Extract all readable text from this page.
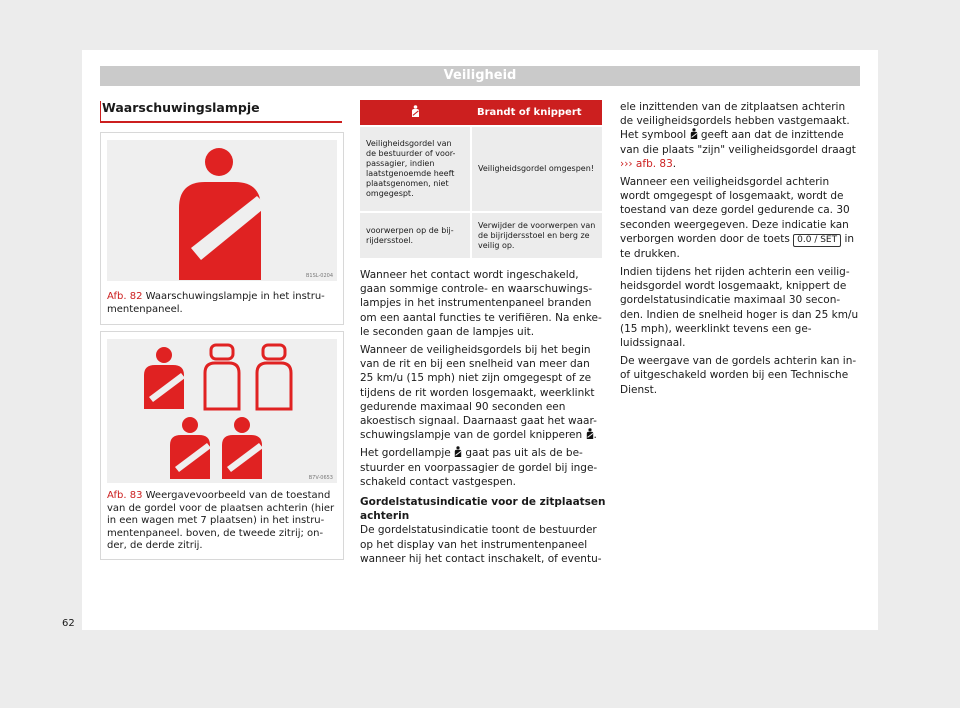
Veiligheid
Waarschuwingslampje
B1SL-0204
Afb. 82 Waarschuwingslampje in het instru- mentenpaneel.
B7V-0653
Afb. 83 Weergavevoorbeeld van de toestand van de gordel voor de plaatsen achterin (hier in een wagen met 7 plaatsen) in het instru- mentenpaneel. boven, de tweede zitrij; on- der, de derde zitrij.
	Brandt of knippert
Veiligheidsgordel van de bestuurder of voor- passagier, indien laatstgenoemde heeft plaatsgenomen, niet omgegespt.	Veiligheidsgordel omgespen!
voorwerpen op de bij- rijdersstoel.	Verwijder de voorwerpen van de bijrijdersstoel en berg ze veilig op.

Wanneer het contact wordt ingeschakeld, gaan sommige controle- en waarschuwings- lampjes in het instrumentenpaneel branden om een aantal functies te verifiëren. Na enke- le seconden gaan de lampjes uit.

Wanneer de veiligheidsgordels bij het begin van de rit en bij een snelheid van meer dan 25 km/u (15 mph) niet zijn omgegespt of ze tijdens de rit worden losgemaakt, weerklinkt gedurende maximaal 90 seconden een akoestisch signaal. Daarnaast gaat het waar- schuwingslampje van de gordel knipperen .

Het gordellampje gaat pas uit als de be- stuurder en voorpassagier de gordel bij inge- schakeld contact vastgespen.

Gordelstatusindicatie voor de zitplaatsen achterin

De gordelstatusindicatie toont de bestuurder op het display van het instrumentenpaneel wanneer hij het contact inschakelt, of eventu-

ele inzittenden van de zitplaatsen achterin de veiligheidsgordels hebben vastgemaakt. Het symbool geeft aan dat de inzittende van die plaats "zijn" veiligheidsgordel draagt ››› afb. 83.

Wanneer een veiligheidsgordel achterin wordt omgegespt of losgemaakt, wordt de toestand van deze gordel gedurende ca. 30 seconden weergegeven. Deze indicatie kan verborgen worden door de toets 0.0 / SET in te drukken.

Indien tijdens het rijden achterin een veilig- heidsgordel wordt losgemaakt, knippert de gordelstatusindicatie maximaal 30 secon- den. Indien de snelheid hoger is dan 25 km/u (15 mph), weerklinkt tevens een ge- luidssignaal.

De weergave van de gordels achterin kan in- of uitgeschakeld worden bij een Technische Dienst.

62
